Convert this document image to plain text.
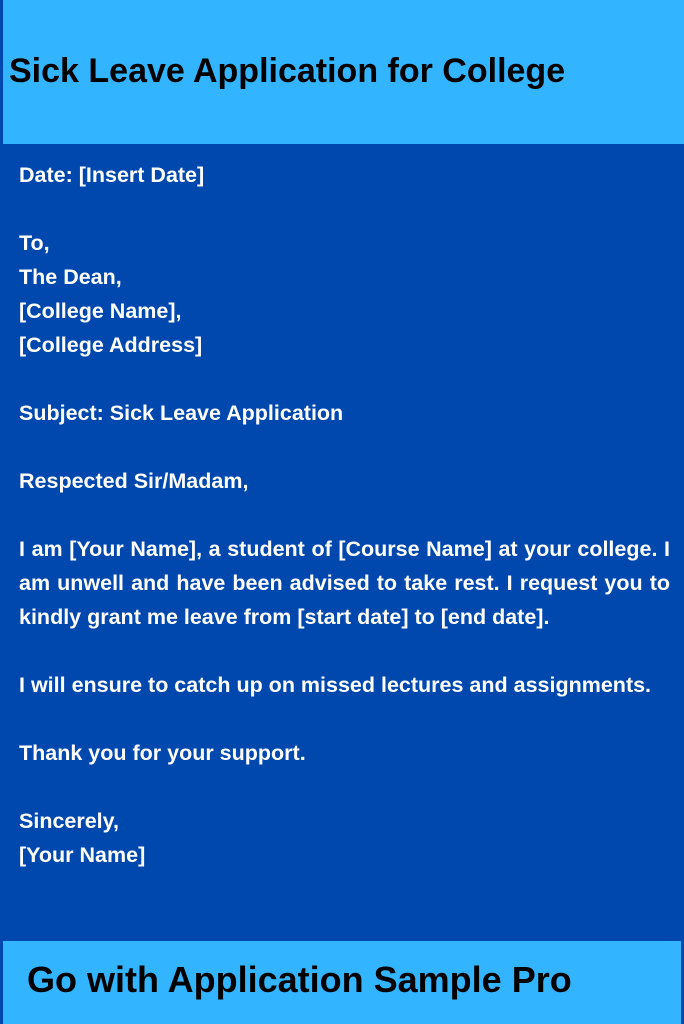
Sick Leave Application for College

Date: [Insert Date]

To,

The Dean,

[College Name],

[College Address]

Subject: Sick Leave Application

Respected Sir/Madam,

I am [Your Name], a student of [Course Name] at your college. I am unwell and have been advised to take rest. I request you to kindly grant me leave from [start date] to [end date].

I will ensure to catch up on missed lectures and assignments.

Thank you for your support.

Sincerely,

[Your Name]

Go with Application Sample Pro
